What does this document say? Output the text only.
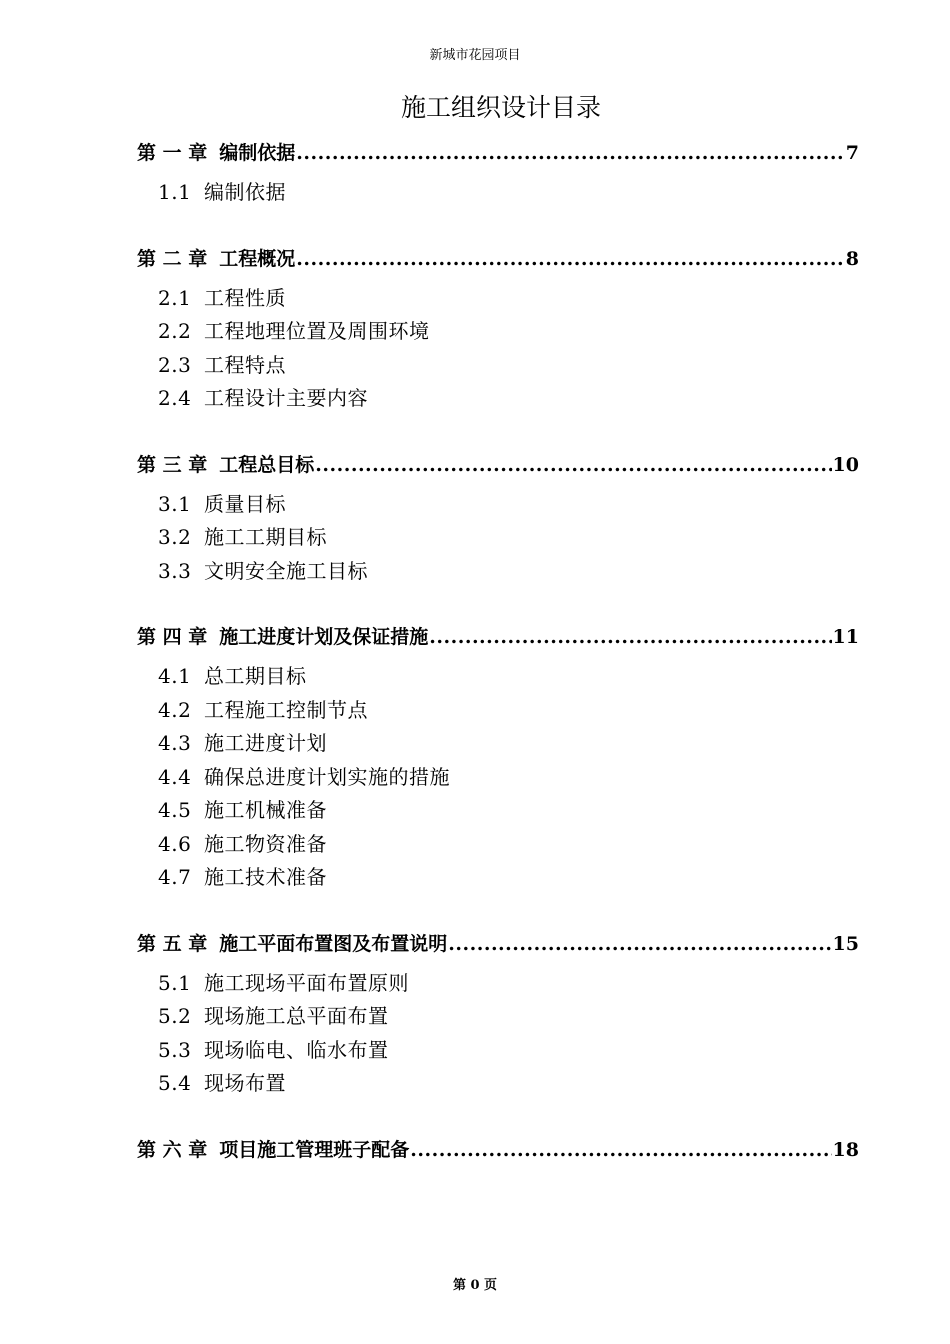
新城市花园项目
施工组织设计目录
第 一 章 编制依据 .....	7
1.1 编制依据
第 二 章 工程概况 .....	8
2.1 工程性质
2.2 工程地理位置及周围环境
2.3 工程特点
2.4 工程设计主要内容
第 三 章 工程总目标 .....	10
3.1 质量目标
3.2 施工工期目标
3.3 文明安全施工目标
第 四 章 施工进度计划及保证措施 .....	11
4.1 总工期目标
4.2 工程施工控制节点
4.3 施工进度计划
4.4 确保总进度计划实施的措施
4.5 施工机械准备
4.6 施工物资准备
4.7 施工技术准备
第 五 章 施工平面布置图及布置说明 .....	15
5.1 施工现场平面布置原则
5.2 现场施工总平面布置
5.3 现场临电、临水布置
5.4 现场布置
第 六 章 项目施工管理班子配备 .....	18
第 0 页
